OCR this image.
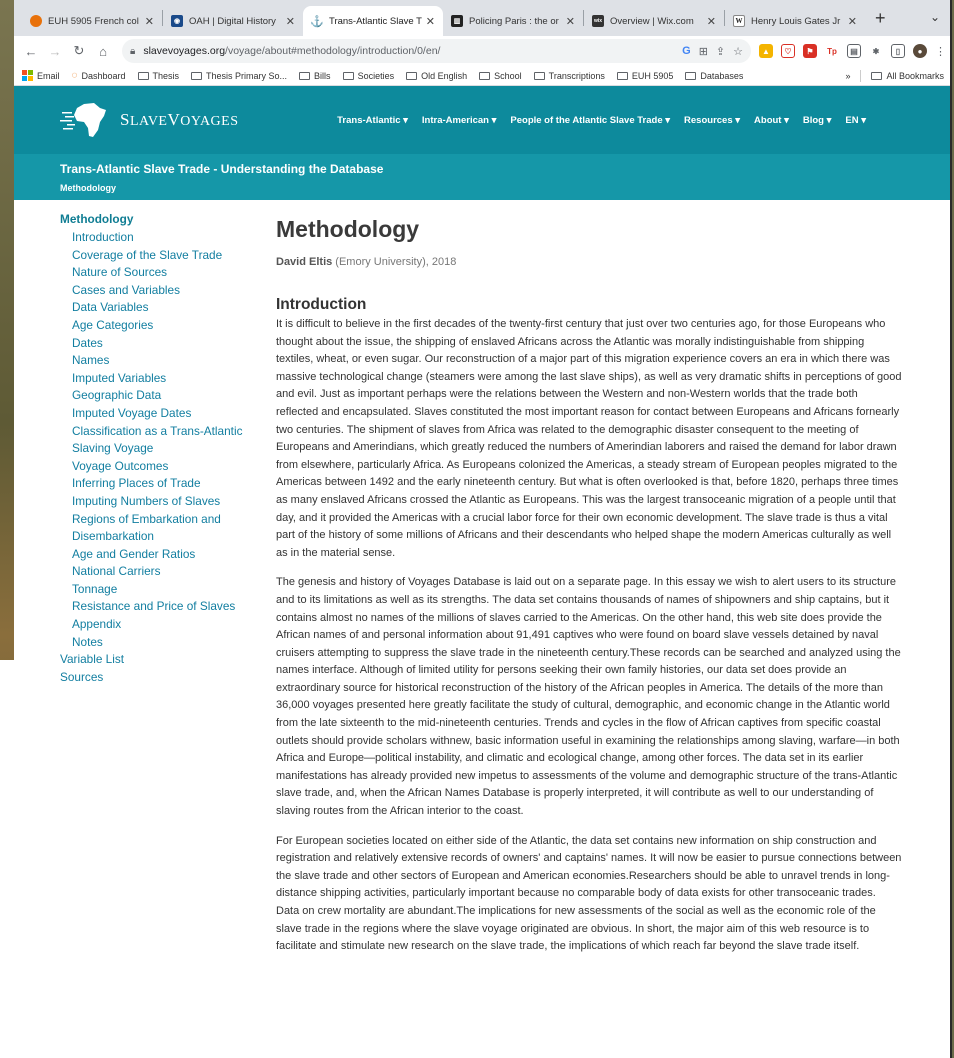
EUH 5905 French col ✕	◉ OAH | Digital History ✕ ⚓ Trans-Atlantic Slave T ✕	▥ Policing Paris : the or ✕	wix Overview | Wix.com	✕	W Henry Louis Gates Jr ✕ +	⌄
← → ↻	⌂	🔒︎ slavevoyages.org /voyage/about#methodology/introduction/0/en/	G ⊞ ⇪ ☆	▲	♡	⚑	Tp	▤	✱	▯	●	⋮
Email ◌ Dashboard	Thesis	Thesis Primary So...	Bills	Societies	Old English	School	Transcriptions	EUH 5905	Databases	»	All Bookmarks
SLAVEVOYAGES	Trans-Atlantic ▾ Intra-American ▾ People of the Atlantic Slave Trade ▾ Resources ▾ About ▾ Blog ▾ EN ▾
Trans-Atlantic Slave Trade - Understanding the Database
Methodology
Methodology
Introduction
Coverage of the Slave Trade
Nature of Sources
Cases and Variables
Data Variables
Age Categories
Dates
Names
Imputed Variables
Geographic Data
Imputed Voyage Dates
Classification as a Trans-Atlantic
Slaving Voyage
Voyage Outcomes
Inferring Places of Trade
Imputing Numbers of Slaves
Regions of Embarkation and
Disembarkation
Age and Gender Ratios
National Carriers
Tonnage
Resistance and Price of Slaves
Appendix
Notes
Variable List
Sources
Methodology
David Eltis (Emory University), 2018
Introduction

It is difficult to believe in the first decades of the twenty-first century that just over two centuries ago, for those Europeans who thought about the issue, the shipping of enslaved Africans across the Atlantic was morally indistinguishable from shipping textiles, wheat, or even sugar. Our reconstruction of a major part of this migration experience covers an era in which there was massive technological change (steamers were among the last slave ships), as well as very dramatic shifts in perceptions of good and evil. Just as important perhaps were the relations between the Western and non-Western worlds that the trade both reflected and encapsulated. Slaves constituted the most important reason for contact between Europeans and Africans fornearly two centuries. The shipment of slaves from Africa was related to the demographic disaster consequent to the meeting of Europeans and Amerindians, which greatly reduced the numbers of Amerindian laborers and raised the demand for labor drawn from elsewhere, particularly Africa. As Europeans colonized the Americas, a steady stream of European peoples migrated to the Americas between 1492 and the early nineteenth century. But what is often overlooked is that, before 1820, perhaps three times as many enslaved Africans crossed the Atlantic as Europeans. This was the largest transoceanic migration of a people until that day, and it provided the Americas with a crucial labor force for their own economic development. The slave trade is thus a vital part of the history of some millions of Africans and their descendants who helped shape the modern Americas culturally as well as in the material sense.

The genesis and history of Voyages Database is laid out on a separate page. In this essay we wish to alert users to its structure and to its limitations as well as its strengths. The data set contains thousands of names of shipowners and ship captains, but it contains almost no names of the millions of slaves carried to the Americas. On the other hand, this web site does provide the African names of and personal information about 91,491 captives who were found on board slave vessels detained by naval cruisers attempting to suppress the slave trade in the nineteenth century.These records can be searched and analyzed using the names interface. Although of limited utility for persons seeking their own family histories, our data set does provide an extraordinary source for historical reconstruction of the history of the African peoples in America. The details of the more than 36,000 voyages presented here greatly facilitate the study of cultural, demographic, and economic change in the Atlantic world from the late sixteenth to the mid-nineteenth centuries. Trends and cycles in the flow of African captives from specific coastal outlets should provide scholars withnew, basic information useful in examining the relationships among slaving, warfare—in both Africa and Europe—political instability, and climatic and ecological change, among other forces. The data set in its earlier manifestations has already provided new impetus to assessments of the volume and demographic structure of the trans-Atlantic slave trade, and, when the African Names Database is properly interpreted, it will contribute as well to our understanding of slaving routes from the African interior to the coast.

For European societies located on either side of the Atlantic, the data set contains new information on ship construction and registration and relatively extensive records of owners' and captains' names. It will now be easier to pursue connections between the slave trade and other sectors of European and American economies.Researchers should be able to unravel trends in long-distance shipping activities, particularly important because no comparable body of data exists for other transoceanic trades. Data on crew mortality are abundant.The implications for new assessments of the social as well as the economic role of the slave trade in the regions where the slave voyage originated are obvious. In short, the major aim of this web resource is to facilitate and stimulate new research on the slave trade, the implications of which reach far beyond the slave trade itself.
